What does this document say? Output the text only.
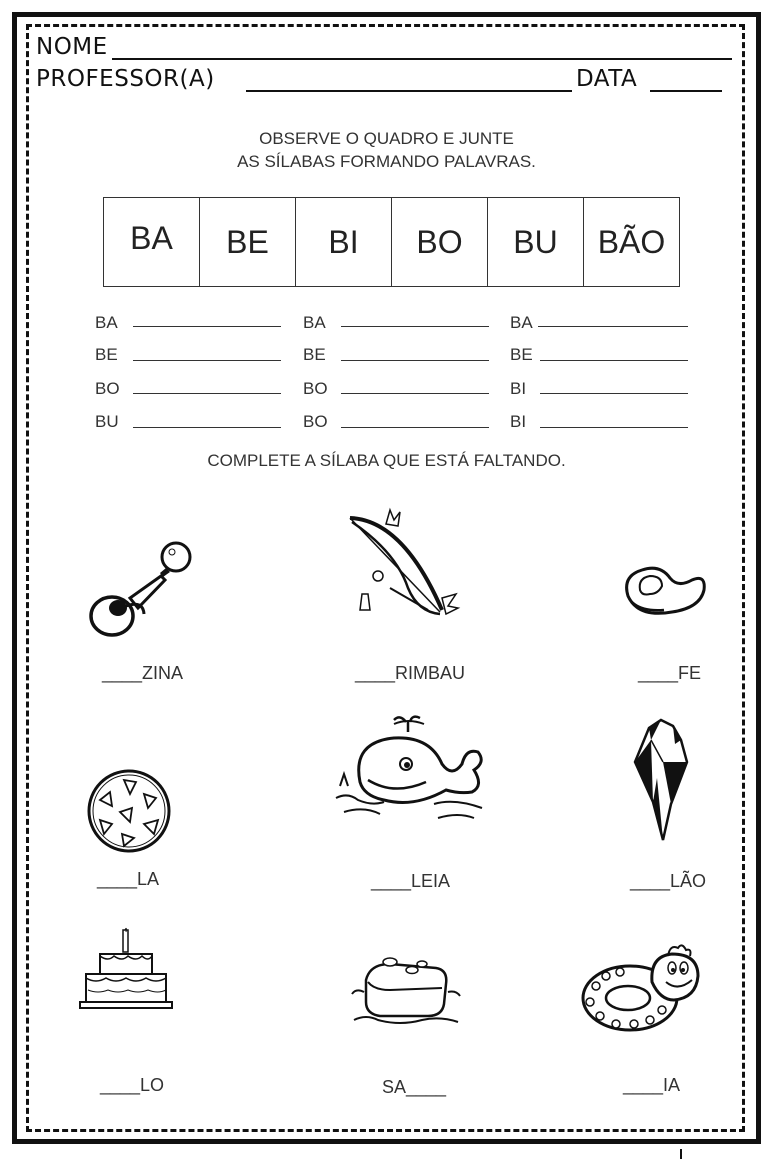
NOME
PROFESSOR(A)	DATA
OBSERVE O QUADRO E JUNTE
AS SÍLABAS FORMANDO PALAVRAS.
BA	BE	BI	BO	BU	BÃO
BA	BA	BA
BE	BE	BE
BO	BO	BI
BU	BO	BI
COMPLETE A SÍLABA QUE ESTÁ FALTANDO.
____ZINA	____RIMBAU	____FE
____LA	____LEIA	____LÃO
____LO	SA____	____IA
